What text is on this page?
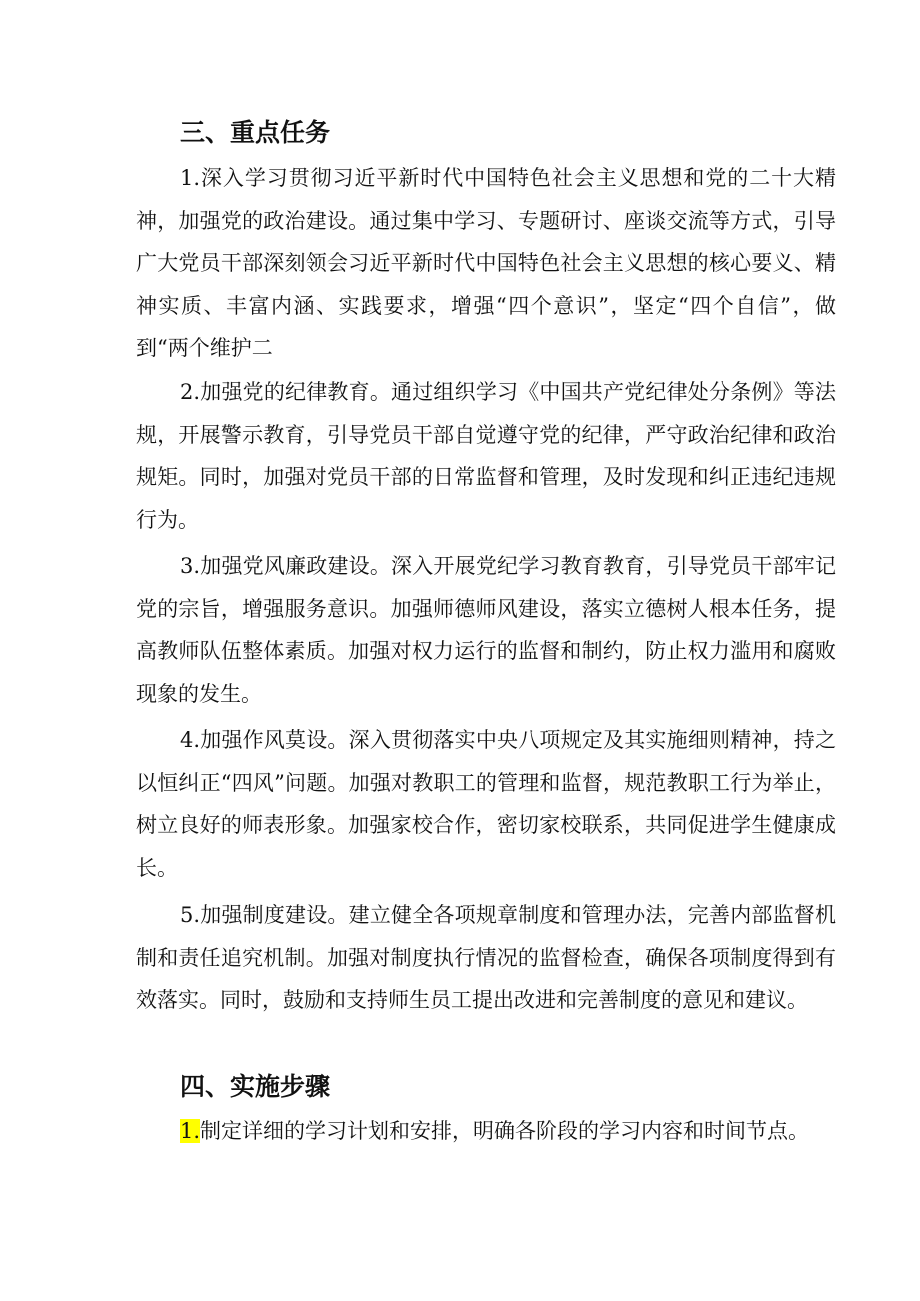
三、重点任务

1.深入学习贯彻习近平新时代中国特色社会主义思想和党的二十大精神，加强党的政治建设。通过集中学习、专题研讨、座谈交流等方式，引导广大党员干部深刻领会习近平新时代中国特色社会主义思想的核心要义、精神实质、丰富内涵、实践要求，增强“四个意识”，坚定“四个自信”，做到“两个维护二

2.加强党的纪律教育。通过组织学习《中国共产党纪律处分条例》等法规，开展警示教育，引导党员干部自觉遵守党的纪律，严守政治纪律和政治规矩。同时，加强对党员干部的日常监督和管理，及时发现和纠正违纪违规行为。

3.加强党风廉政建设。深入开展党纪学习教育教育，引导党员干部牢记党的宗旨，增强服务意识。加强师德师风建设，落实立德树人根本任务，提高教师队伍整体素质。加强对权力运行的监督和制约，防止权力滥用和腐败现象的发生。

4.加强作风莫设。深入贯彻落实中央八项规定及其实施细则精神，持之以恒纠正“四风”问题。加强对教职工的管理和监督，规范教职工行为举止，树立良好的师表形象。加强家校合作，密切家校联系，共同促进学生健康成长。

5.加强制度建设。建立健全各项规章制度和管理办法，完善内部监督机制和责任追究机制。加强对制度执行情况的监督检查，确保各项制度得到有效落实。同时，鼓励和支持师生员工提出改进和完善制度的意见和建议。

四、实施步骤

1.制定详细的学习计划和安排，明确各阶段的学习内容和时间节点。
